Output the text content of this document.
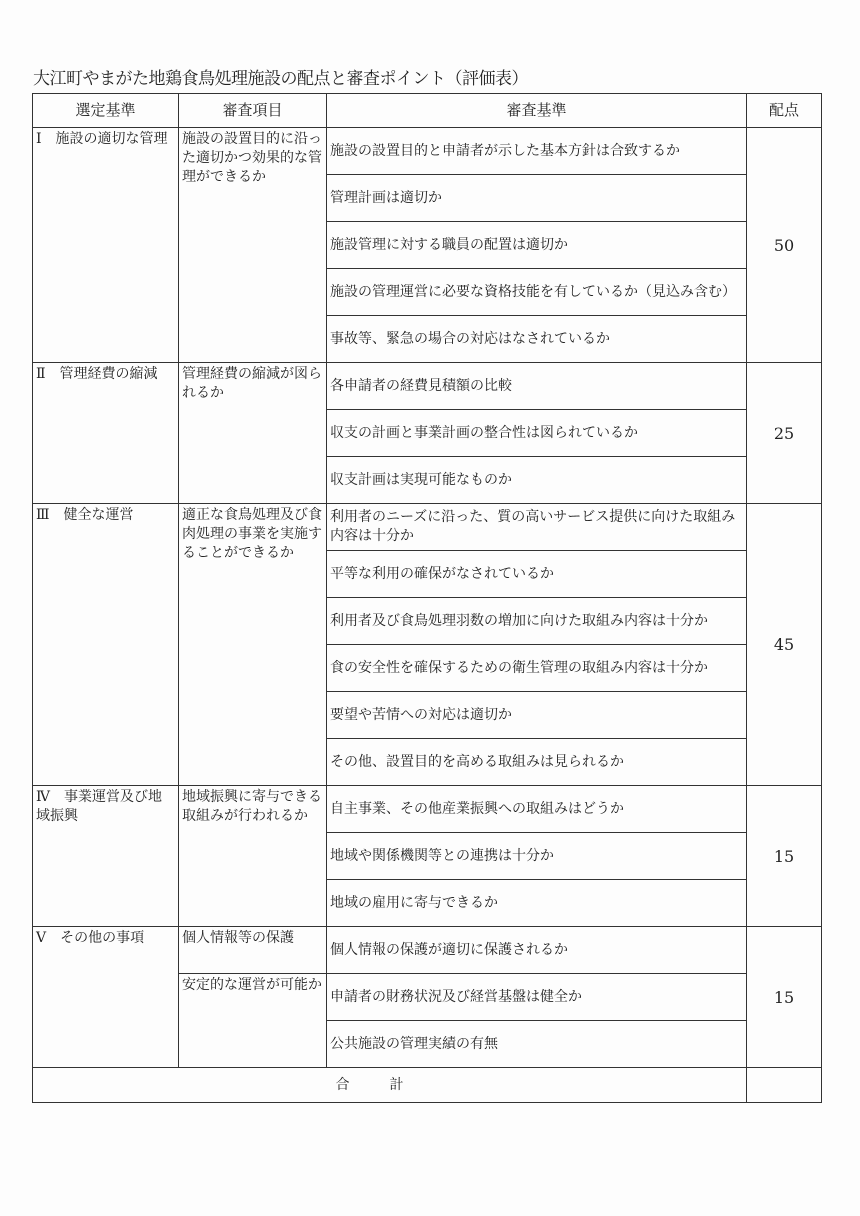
大江町やまがた地鶏食鳥処理施設の配点と審査ポイント（評価表）
選定基準	審査項目	審査基準	配点
Ⅰ　施設の適切な管理	施設の設置目的に沿った適切かつ効果的な管理ができるか	施設の設置目的と申請者が示した基本方針は合致するか	50
		管理計画は適切か	
		施設管理に対する職員の配置は適切か	
		施設の管理運営に必要な資格技能を有しているか（見込み含む）	
		事故等、緊急の場合の対応はなされているか	
Ⅱ　管理経費の縮減	管理経費の縮減が図られるか	各申請者の経費見積額の比較	25
		収支の計画と事業計画の整合性は図られているか	
		収支計画は実現可能なものか	
Ⅲ　健全な運営	適正な食鳥処理及び食肉処理の事業を実施することができるか	利用者のニーズに沿った、質の高いサービス提供に向けた取組み内容は十分か	45
		平等な利用の確保がなされているか	
		利用者及び食鳥処理羽数の増加に向けた取組み内容は十分か	
		食の安全性を確保するための衛生管理の取組み内容は十分か	
		要望や苦情への対応は適切か	
		その他、設置目的を高める取組みは見られるか	
Ⅳ　事業運営及び地域振興	地域振興に寄与できる取組みが行われるか	自主事業、その他産業振興への取組みはどうか	15
		地域や関係機関等との連携は十分か	
		地域の雇用に寄与できるか	
Ⅴ　その他の事項	個人情報等の保護	個人情報の保護が適切に保護されるか	15
	安定的な運営が可能か	申請者の財務状況及び経営基盤は健全か	
		公共施設の管理実績の有無	
合計			
